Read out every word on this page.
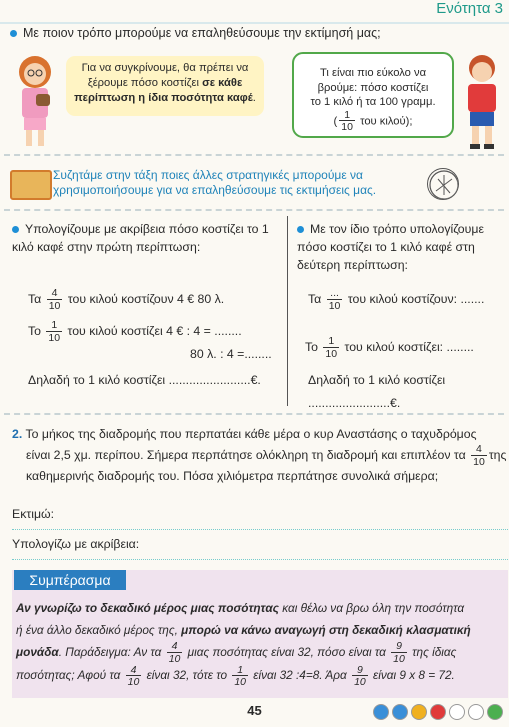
Ενότητα 3
Με ποιον τρόπο μπορούμε να επαληθεύσουμε την εκτίμησή μας;
Για να συγκρίνουμε, θα πρέπει να
ξέρουμε πόσο κοστίζει σε κάθε
περίπτωση η ίδια ποσότητα καφέ.
Τι είναι πιο εύκολο να
βρούμε: πόσο κοστίζει
το 1 κιλό ή τα 100 γραμμ.
( $\frac{1}{10}$ του κιλού);
Συζητάμε στην τάξη ποιες άλλες στρατηγικές μπορούμε να χρησιμοποιήσουμε για να επαληθεύσουμε τις εκτιμήσεις μας.
Υπολογίζουμε με ακρίβεια πόσο κοστίζει το 1 κιλό καφέ στην πρώτη περίπτωση:
Τα $\frac{4}{10}$ του κιλού κοστίζουν 4 € 80 λ.
Το $\frac{1}{10}$ του κιλού κοστίζει 4 € : 4 = ........
80 λ. : 4 =........
Δηλαδή το 1 κιλό κοστίζει ........................€.
Με τον ίδιο τρόπο υπολογίζουμε πόσο κοστίζει το 1 κιλό καφέ στη δεύτερη περίπτωση:
Τα $\frac{...}{10}$ του κιλού κοστίζουν: .......
Το $\frac{1}{10}$ του κιλού κοστίζει: ........
Δηλαδή το 1 κιλό κοστίζει
........................€.
2. Το μήκος της διαδρομής που περπατάει κάθε μέρα ο κυρ Αναστάσης ο ταχυδρόμος
είναι 2,5 χμ. περίπου. Σήμερα περπάτησε ολόκληρη τη διαδρομή και επιπλέον τα $\frac{4}{10}$ της
καθημερινής διαδρομής του. Πόσα χιλιόμετρα περπάτησε συνολικά σήμερα;
Εκτιμώ:
Υπολογίζω με ακρίβεια:
Συμπέρασμα
Αν γνωρίζω το δεκαδικό μέρος μιας ποσότητας και θέλω να βρω όλη την ποσότητα
ή ένα άλλο δεκαδικό μέρος της, μπορώ να κάνω αναγωγή στη δεκαδική κλασματική
μονάδα. Παράδειγμα: Αν τα $\frac{4}{10}$ μιας ποσότητας είναι 32, πόσο είναι τα $\frac{9}{10}$ της ίδιας
ποσότητας; Αφού τα $\frac{4}{10}$ είναι 32, τότε το $\frac{1}{10}$ είναι 32 :4=8. Άρα $\frac{9}{10}$ είναι 9 x 8 = 72.
45
